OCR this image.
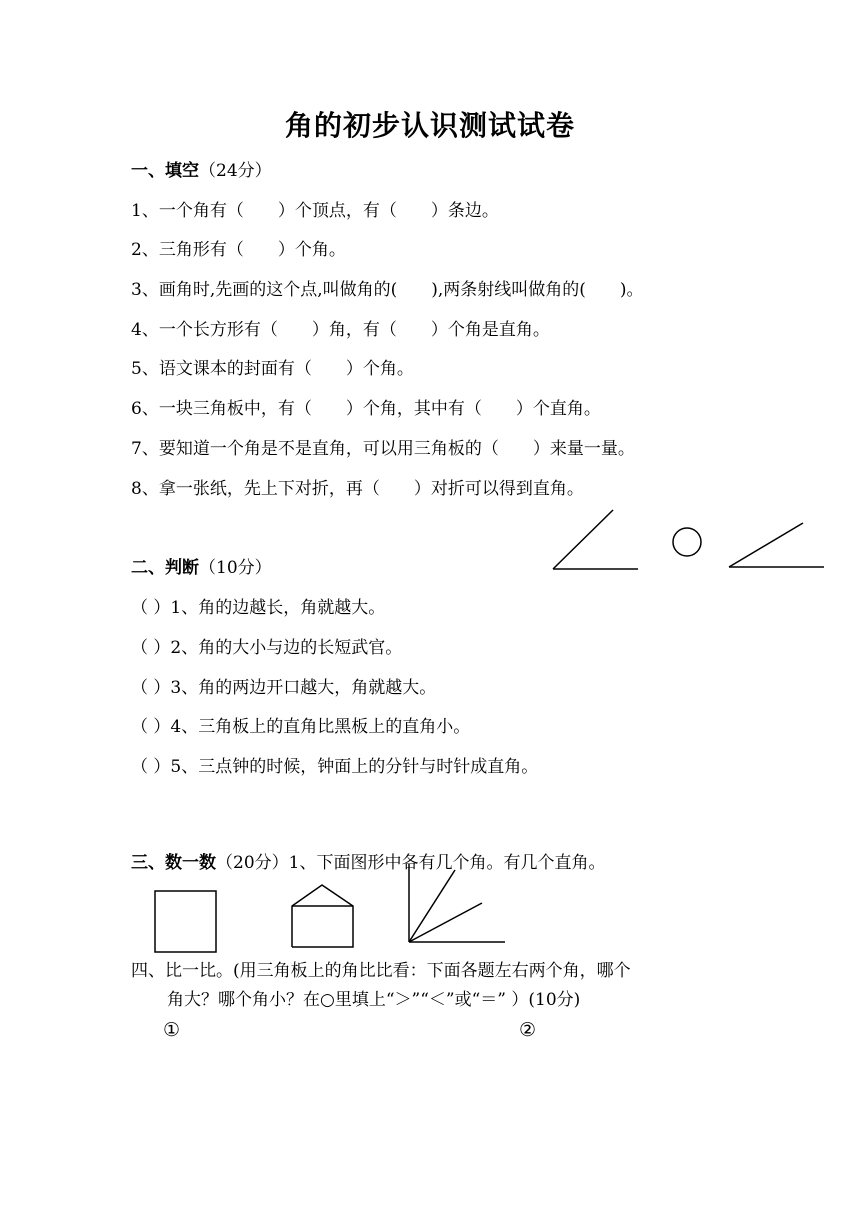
角的初步认识测试试卷
一、填空（24分）
1、一个角有（　　）个顶点，有（　　）条边。
2、三角形有（　　）个角。
3、画角时,先画的这个点,叫做角的(　　),两条射线叫做角的(　　)。
4、一个长方形有（　　）角，有（　　）个角是直角。
5、语文课本的封面有（　　）个角。
6、一块三角板中，有（　　）个角，其中有（　　）个直角。
7、要知道一个角是不是直角，可以用三角板的（　　）来量一量。
8、拿一张纸，先上下对折，再（　　）对折可以得到直角。
二、判断（10分）
（ ）1、角的边越长，角就越大。
（ ）2、角的大小与边的长短武官。
（ ）3、角的两边开口越大，角就越大。
（ ）4、三角板上的直角比黑板上的直角小。
（ ）5、三点钟的时候，钟面上的分针与时针成直角。
三、数一数（20分）1、下面图形中各有几个角。有几个直角。
四、比一比。(用三角板上的角比比看：下面各题左右两个角，哪个
角大？哪个角小？在○里填上“＞”“＜”或“＝” ）(10分)
①	②
